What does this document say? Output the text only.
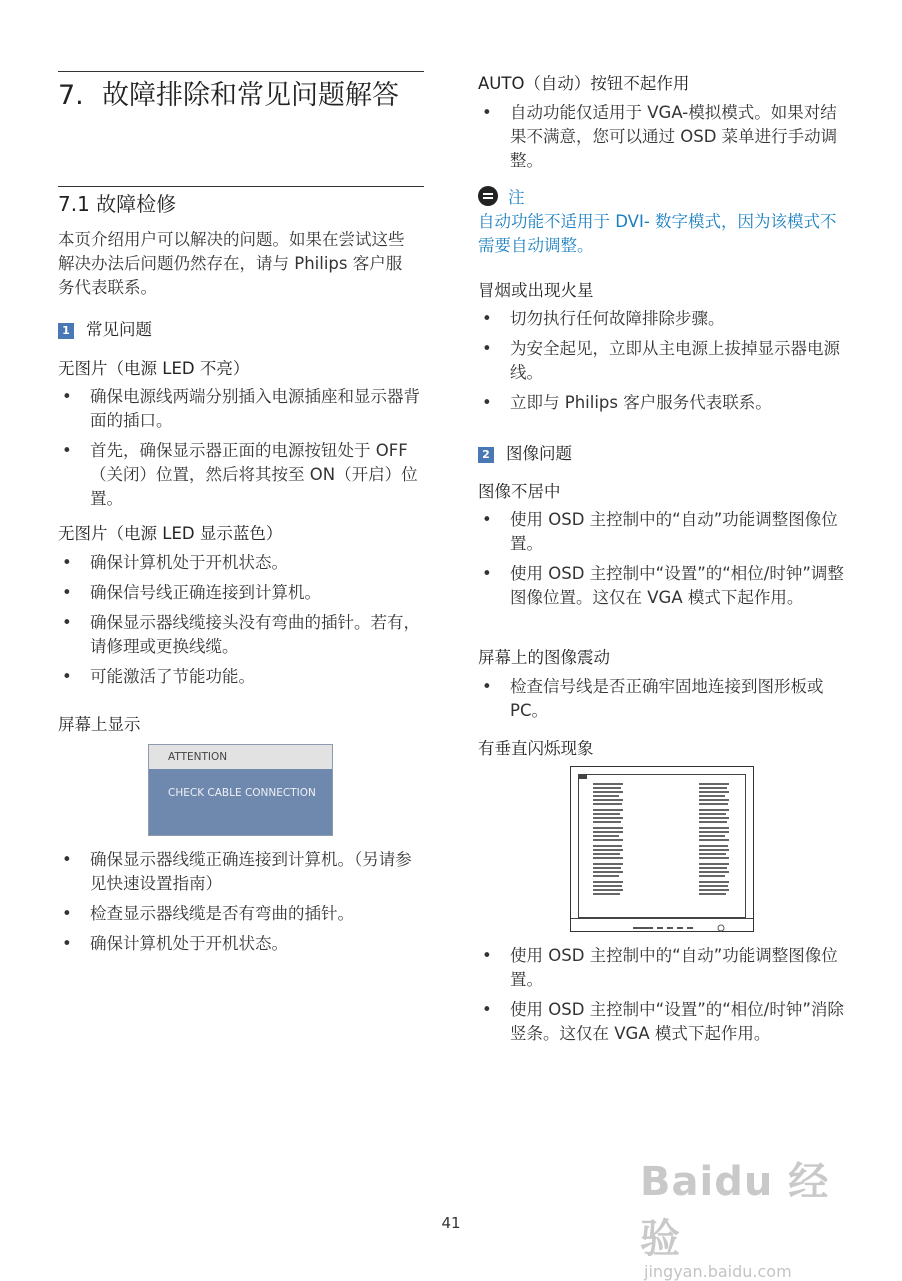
7. 故障排除和常见问题解答
7.1 故障检修
本页介绍用户可以解决的问题。如果在尝试这些解决办法后问题仍然存在，请与 Philips 客户服务代表联系。
1 常见问题
无图片（电源 LED 不亮）
• 确保电源线两端分别插入电源插座和显示器背面的插口。
• 首先，确保显示器正面的电源按钮处于 OFF（关闭）位置，然后将其按至 ON（开启）位置。
无图片（电源 LED 显示蓝色）
• 确保计算机处于开机状态。
• 确保信号线正确连接到计算机。
• 确保显示器线缆接头没有弯曲的插针。若有，请修理或更换线缆。
• 可能激活了节能功能。
屏幕上显示
ATTENTION
CHECK CABLE CONNECTION
• 确保显示器线缆正确连接到计算机。（另请参见快速设置指南）
• 检查显示器线缆是否有弯曲的插针。
• 确保计算机处于开机状态。
AUTO（自动）按钮不起作用
• 自动功能仅适用于 VGA-模拟模式。如果对结果不满意，您可以通过 OSD 菜单进行手动调整。
注
自动功能不适用于 DVI- 数字模式，因为该模式不需要自动调整。
冒烟或出现火星
• 切勿执行任何故障排除步骤。
• 为安全起见，立即从主电源上拔掉显示器电源线。
• 立即与 Philips 客户服务代表联系。
2 图像问题
图像不居中
• 使用 OSD 主控制中的“自动”功能调整图像位置。
• 使用 OSD 主控制中“设置”的“相位/时钟”调整图像位置。这仅在 VGA 模式下起作用。
屏幕上的图像震动
• 检查信号线是否正确牢固地连接到图形板或 PC。
有垂直闪烁现象
• 使用 OSD 主控制中的“自动”功能调整图像位置。
• 使用 OSD 主控制中“设置”的“相位/时钟”消除竖条。这仅在 VGA 模式下起作用。
41
Baidu 经验
jingyan.baidu.com
